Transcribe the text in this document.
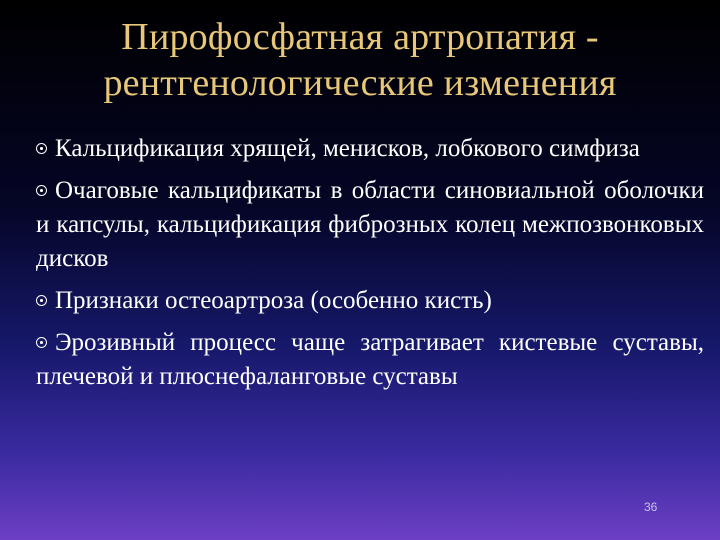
Пирофосфатная артропатия -
рентгенологические изменения
Кальцификация хрящей, менисков, лобкового симфиза
Очаговые кальцификаты в области синовиальной оболочки и капсулы, кальцификация фиброзных колец межпозвонковых дисков
Признаки остеоартроза (особенно кисть)
Эрозивный процесс чаще затрагивает кистевые суставы, плечевой и плюснефаланговые суставы
36
